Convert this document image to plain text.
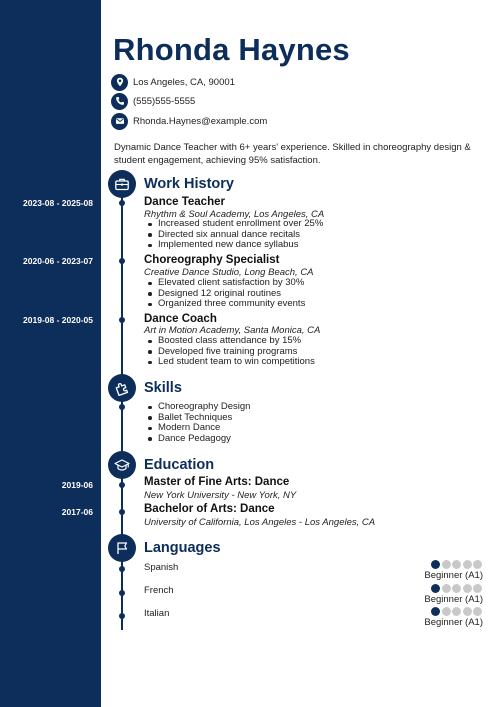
Rhonda Haynes
Los Angeles, CA, 90001
(555)555-5555
Rhonda.Haynes@example.com
Dynamic Dance Teacher with 6+ years' experience. Skilled in choreography design & student engagement, achieving 95% satisfaction.
Work History
2023-08 - 2025-08	Dance Teacher
Rhythm & Soul Academy, Los Angeles, CA
Increased student enrollment over 25%
Directed six annual dance recitals
Implemented new dance syllabus
2020-06 - 2023-07	Choreography Specialist
Creative Dance Studio, Long Beach, CA
Elevated client satisfaction by 30%
Designed 12 original routines
Organized three community events
2019-08 - 2020-05	Dance Coach
Art in Motion Academy, Santa Monica, CA
Boosted class attendance by 15%
Developed five training programs
Led student team to win competitions
Skills
Choreography Design
Ballet Techniques
Modern Dance
Dance Pedagogy
Education
2019-06	Master of Fine Arts: Dance
New York University - New York, NY
2017-06	Bachelor of Arts: Dance
University of California, Los Angeles - Los Angeles, CA
Languages
Spanish
Beginner (A1)
French
Beginner (A1)
Italian
Beginner (A1)
